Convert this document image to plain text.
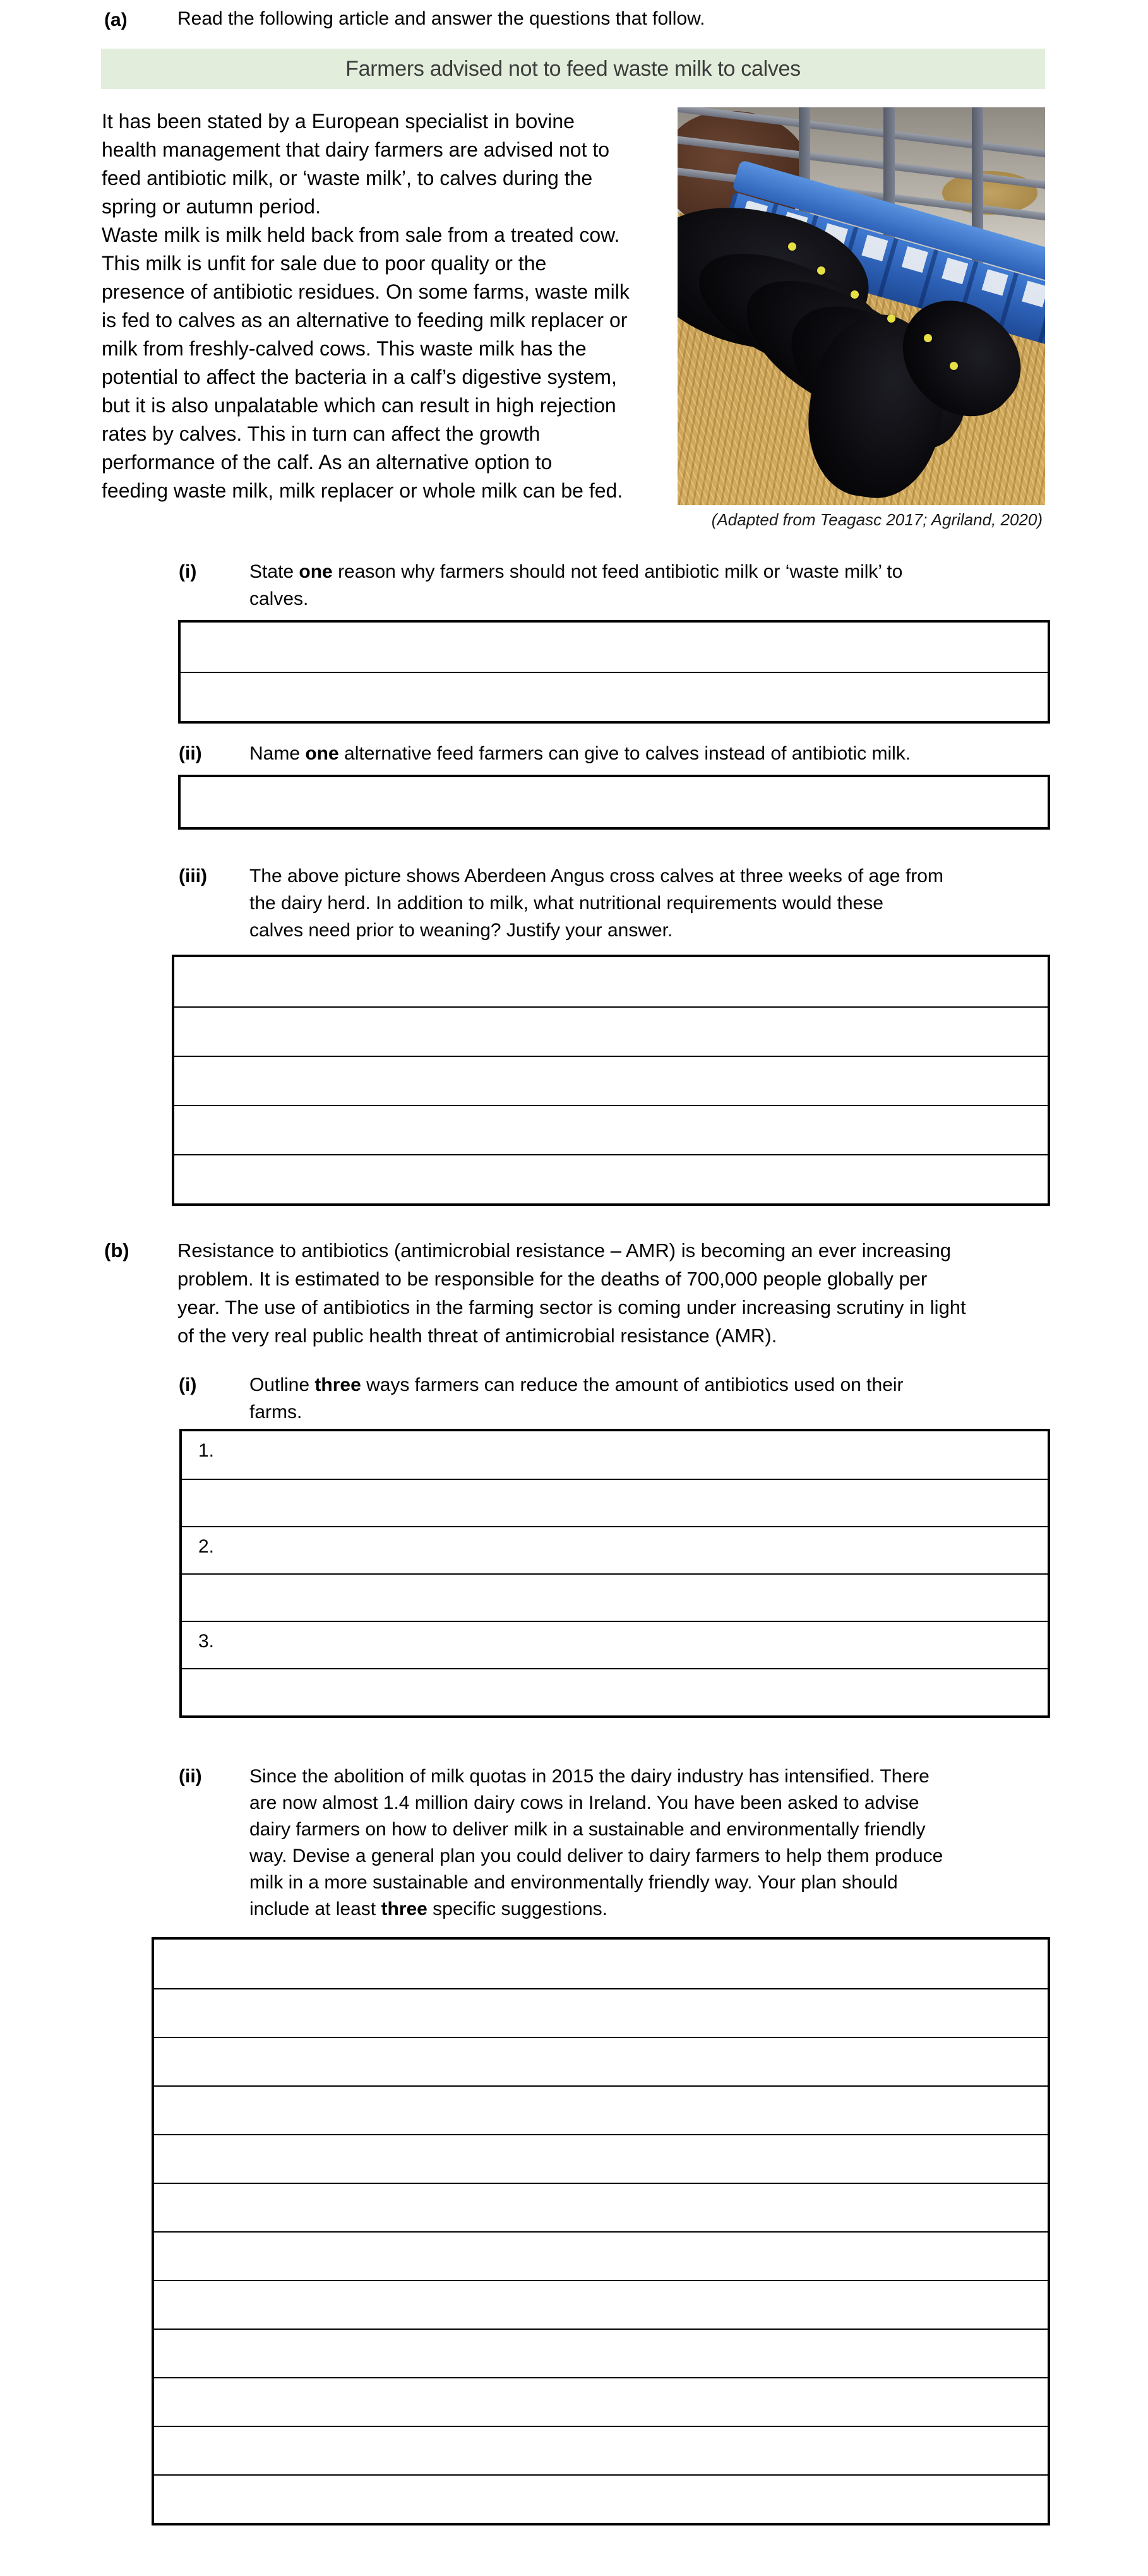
(a)	Read the following article and answer the questions that follow.
Farmers advised not to feed waste milk to calves
It has been stated by a European specialist in bovine
health management that dairy farmers are advised not to
feed antibiotic milk, or ‘waste milk’, to calves during the
spring or autumn period.
Waste milk is milk held back from sale from a treated cow.
This milk is unfit for sale due to poor quality or the
presence of antibiotic residues. On some farms, waste milk
is fed to calves as an alternative to feeding milk replacer or
milk from freshly-calved cows. This waste milk has the
potential to affect the bacteria in a calf’s digestive system,
but it is also unpalatable which can result in high rejection
rates by calves. This in turn can affect the growth
performance of the calf. As an alternative option to
feeding waste milk, milk replacer or whole milk can be fed.
(Adapted from Teagasc 2017; Agriland, 2020)
(i)	State one reason why farmers should not feed antibiotic milk or ‘waste milk’ to
calves.
(ii)	Name one alternative feed farmers can give to calves instead of antibiotic milk.
(iii) The above picture shows Aberdeen Angus cross calves at three weeks of age from
the dairy herd. In addition to milk, what nutritional requirements would these
calves need prior to weaning? Justify your answer.
(b) Resistance to antibiotics (antimicrobial resistance – AMR) is becoming an ever increasing
problem. It is estimated to be responsible for the deaths of 700,000 people globally per
year. The use of antibiotics in the farming sector is coming under increasing scrutiny in light
of the very real public health threat of antimicrobial resistance (AMR).
(i)	Outline three ways farmers can reduce the amount of antibiotics used on their
farms.
1.
2.
3.
(ii)	Since the abolition of milk quotas in 2015 the dairy industry has intensified. There
are now almost 1.4 million dairy cows in Ireland. You have been asked to advise
dairy farmers on how to deliver milk in a sustainable and environmentally friendly
way. Devise a general plan you could deliver to dairy farmers to help them produce
milk in a more sustainable and environmentally friendly way. Your plan should
include at least three specific suggestions.
